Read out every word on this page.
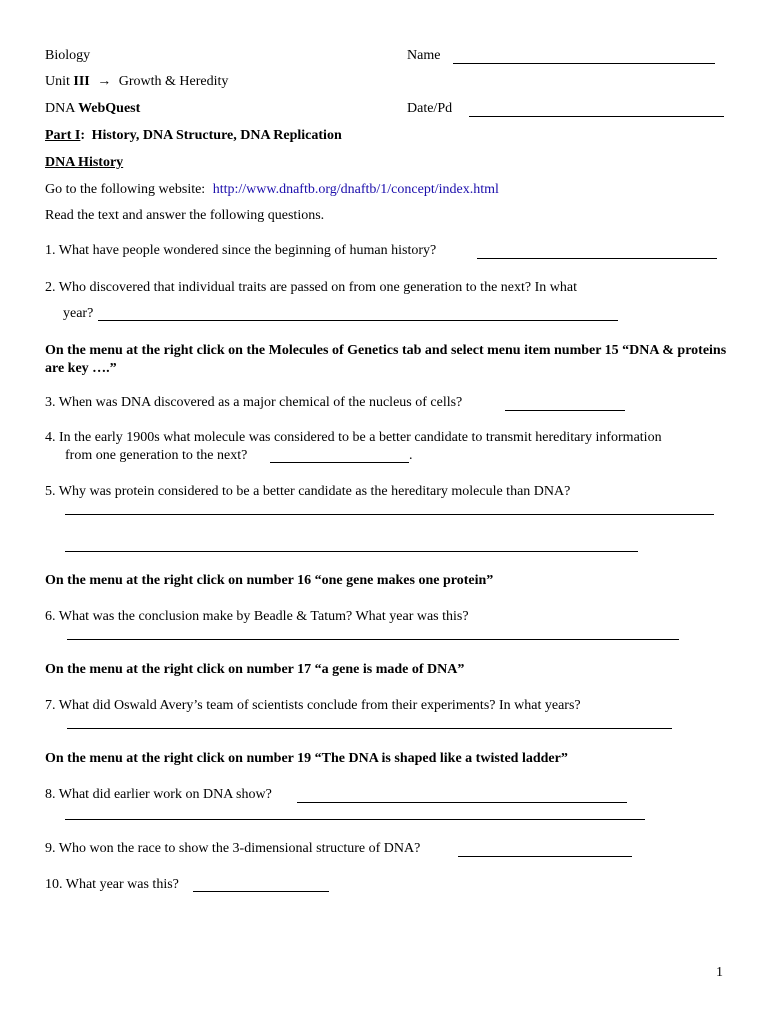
Biology	Name
Unit III → Growth & Heredity
DNA WebQuest	Date/Pd
Part I: History, DNA Structure, DNA Replication
DNA History
Go to the following website: http://www.dnaftb.org/dnaftb/1/concept/index.html
Read the text and answer the following questions.
1. What have people wondered since the beginning of human history?
2. Who discovered that individual traits are passed on from one generation to the next? In what
year?
On the menu at the right click on the Molecules of Genetics tab and select menu item number 15 “DNA & proteins are key ….”
3. When was DNA discovered as a major chemical of the nucleus of cells?
4. In the early 1900s what molecule was considered to be a better candidate to transmit hereditary information
from one generation to the next?	.
5. Why was protein considered to be a better candidate as the hereditary molecule than DNA?
On the menu at the right click on number 16 “one gene makes one protein”
6. What was the conclusion make by Beadle & Tatum? What year was this?
On the menu at the right click on number 17 “a gene is made of DNA”
7. What did Oswald Avery’s team of scientists conclude from their experiments? In what years?
On the menu at the right click on number 19 “The DNA is shaped like a twisted ladder”
8. What did earlier work on DNA show?
9. Who won the race to show the 3-dimensional structure of DNA?
10. What year was this?
1
